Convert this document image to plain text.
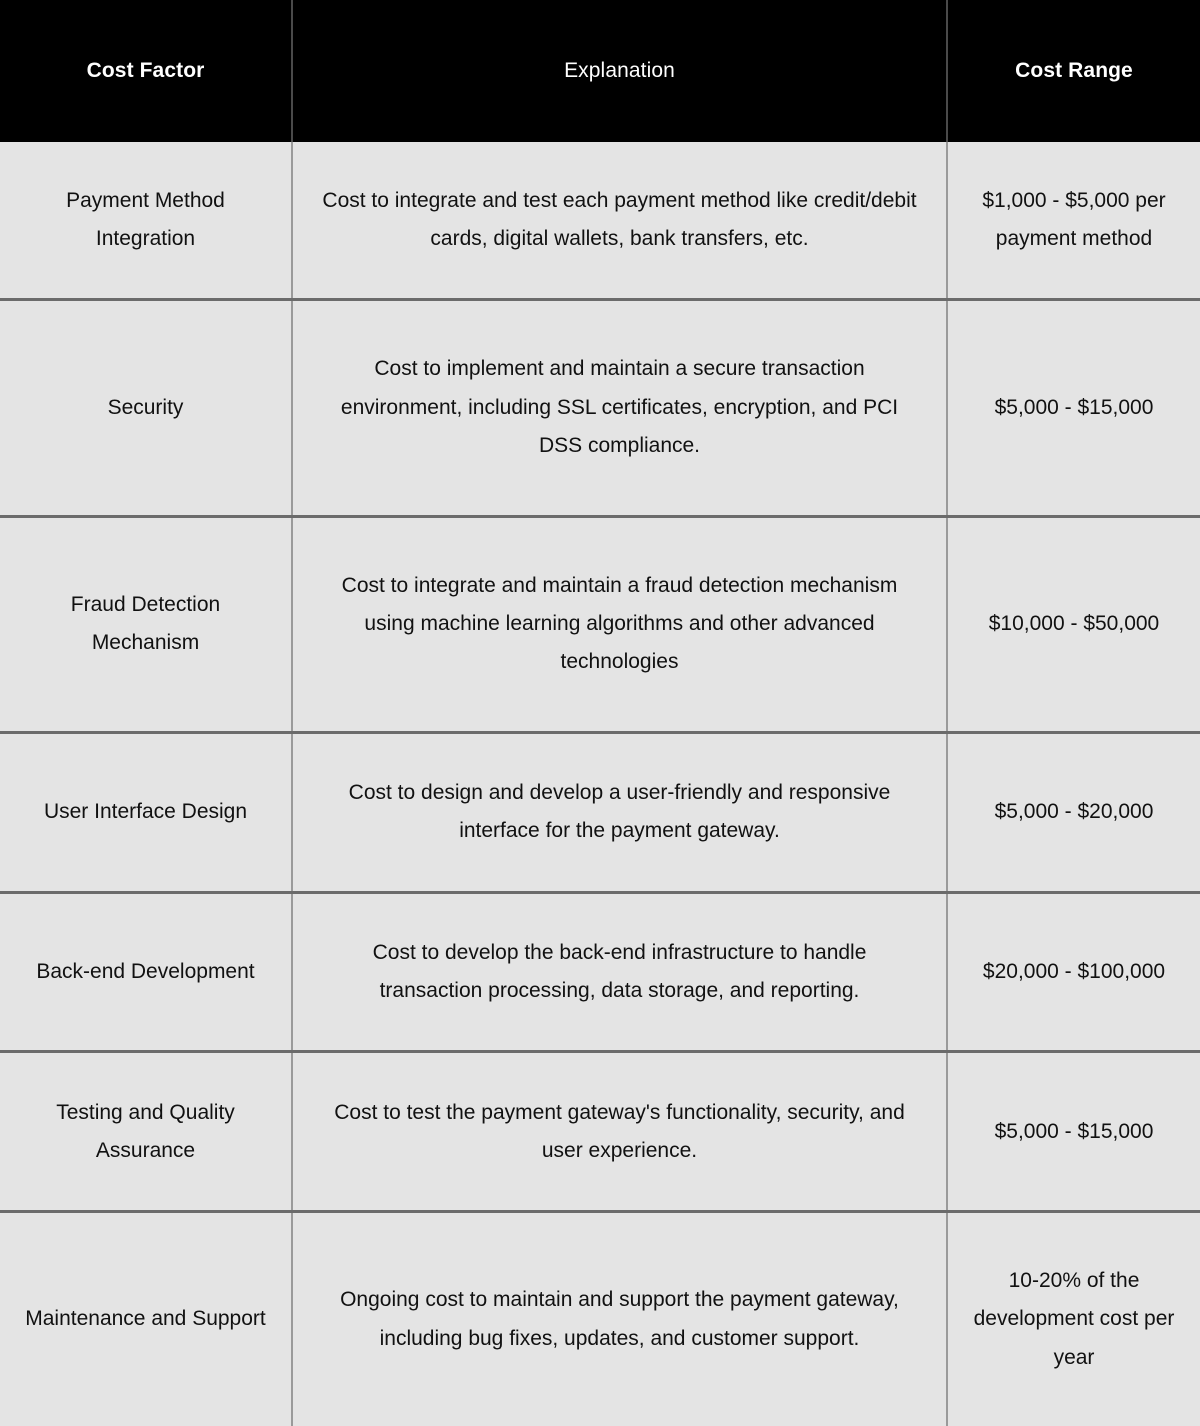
Cost Factor	Explanation	Cost Range

Payment Method Integration	Cost to integrate and test each payment method like credit/debit cards, digital wallets, bank transfers, etc.	$1,000 - $5,000 per payment method

Security	Cost to implement and maintain a secure transaction environment, including SSL certificates, encryption, and PCI DSS compliance.	$5,000 - $15,000

Fraud Detection Mechanism	Cost to integrate and maintain a fraud detection mechanism using machine learning algorithms and other advanced technologies	$10,000 - $50,000

User Interface Design	Cost to design and develop a user-friendly and responsive interface for the payment gateway.	$5,000 - $20,000

Back-end Development	Cost to develop the back-end infrastructure to handle transaction processing, data storage, and reporting.	$20,000 - $100,000

Testing and Quality Assurance	Cost to test the payment gateway's functionality, security, and user experience.	$5,000 - $15,000

Maintenance and Support	Ongoing cost to maintain and support the payment gateway, including bug fixes, updates, and customer support.	10-20% of the development cost per year
